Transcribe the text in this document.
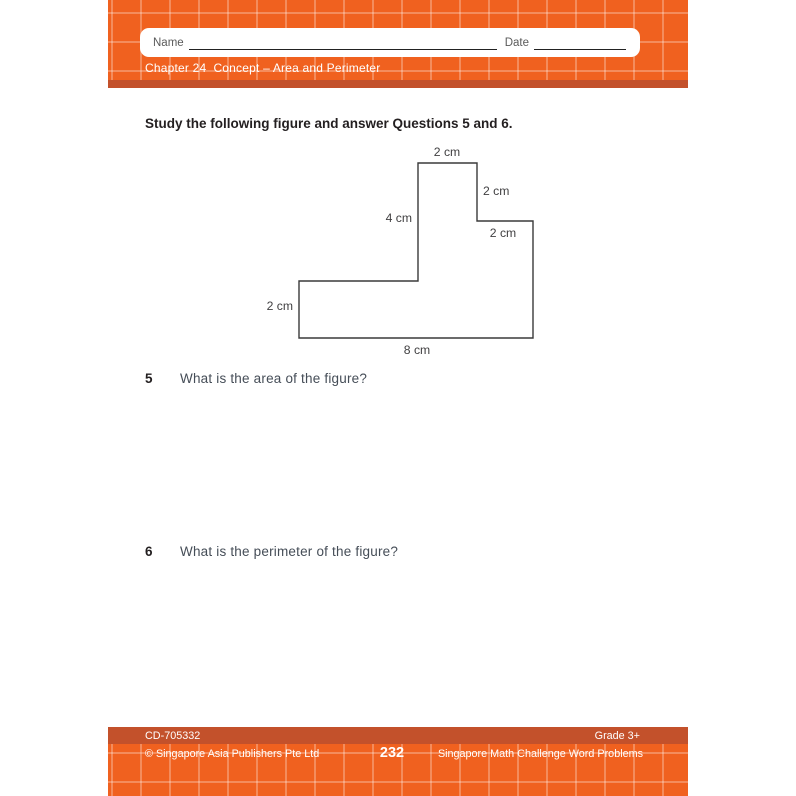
Name	Date
Chapter 24  Concept – Area and Perimeter
Study the following figure and answer Questions 5 and 6.
2 cm
2 cm
4 cm
2 cm
2 cm
8 cm
5	What is the area of the figure?
6	What is the perimeter of the figure?
CD-705332	Grade 3+
© Singapore Asia Publishers Pte Ltd	232	Singapore Math Challenge Word Problems
